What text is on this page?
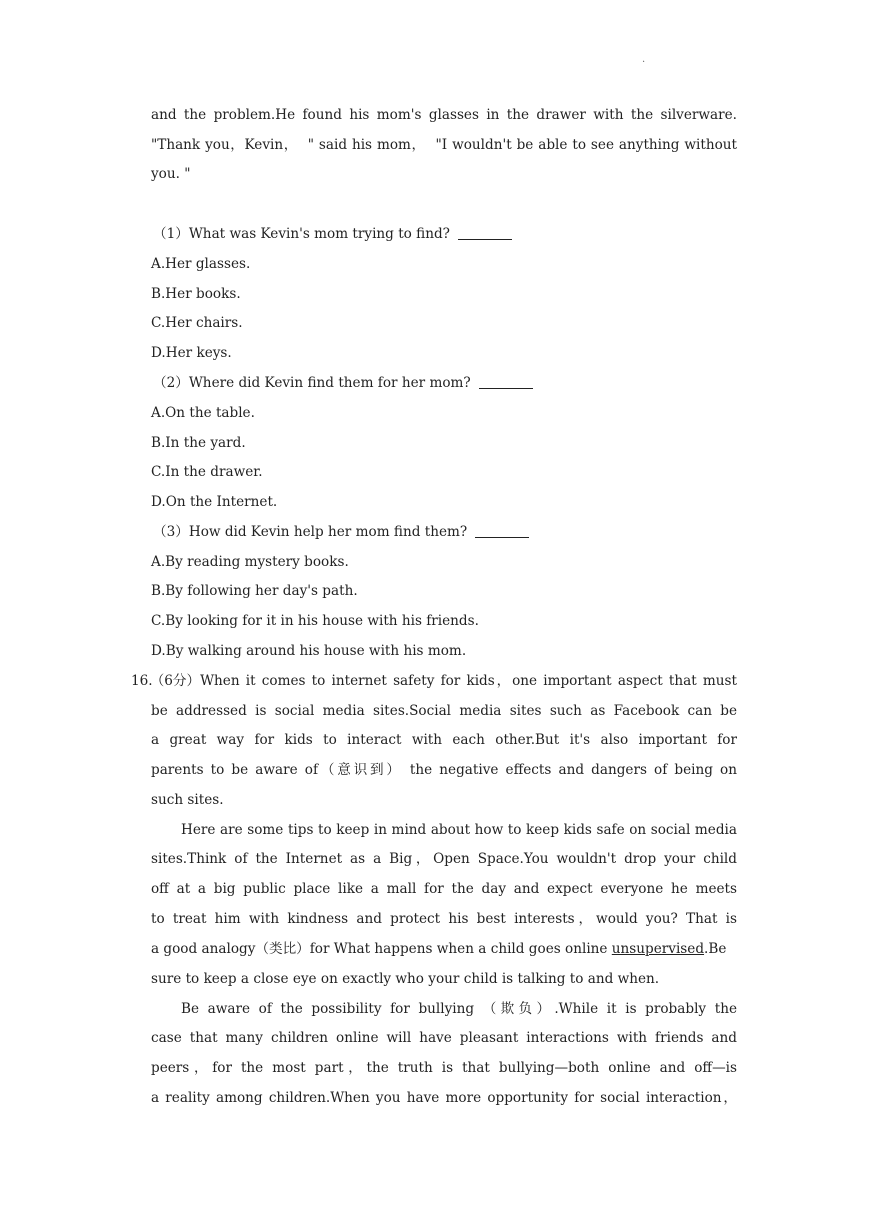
.
and the problem.He found his mom's glasses in the drawer with the silverware.
"Thank you，Kevin，  " said his mom，  "I wouldn't be able to see anything without
you. "
（1）What was Kevin's mom trying to find?
A.Her glasses.
B.Her books.
C.Her chairs.
D.Her keys.
（2）Where did Kevin find them for her mom?
A.On the table.
B.In the yard.
C.In the drawer.
D.On the Internet.
（3）How did Kevin help her mom find them?
A.By reading mystery books.
B.By following her day's path.
C.By looking for it in his house with his friends.
D.By walking around his house with his mom.
16.
（6分） When it comes to internet safety for kids，one important aspect that must
be addressed is social media sites.Social media sites such as Facebook can be
a great way for kids to interact with each other.But it's also important for
parents to be aware of（意识到） the negative effects and dangers of being on
such sites.
Here are some tips to keep in mind about how to keep kids safe on social media
sites.Think of the Internet as a Big，Open Space.You wouldn't drop your child
off at a big public place like a mall for the day and expect everyone he meets
to treat him with kindness and protect his best interests，would you? That is
a good analogy（类比）for What happens when a child goes online unsupervised .Be
sure to keep a close eye on exactly who your child is talking to and when.
Be aware of the possibility for bullying （欺负）.While it is probably the
case that many children online will have pleasant interactions with friends and
peers，for the most part，the truth is that bullying—both online and off—is
a reality among children.When you have more opportunity for social interaction，
